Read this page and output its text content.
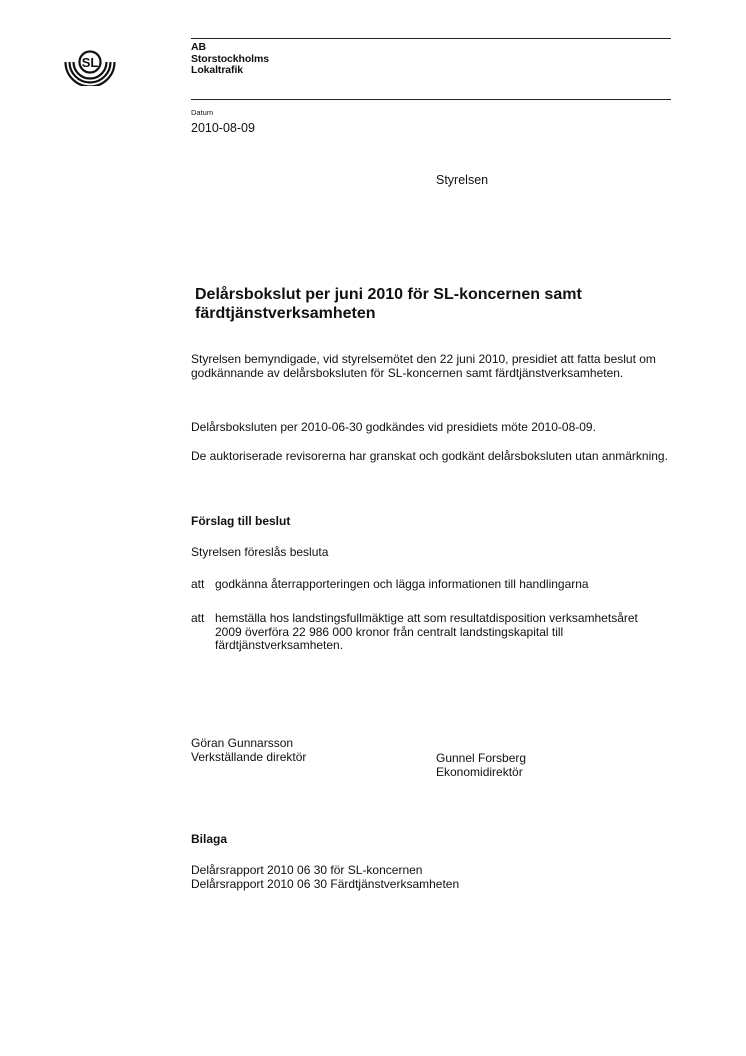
SL
AB
Storstockholms
Lokaltrafik
Datum
2010-08-09
Styrelsen
Delårsbokslut per juni 2010 för SL-koncernen samt
färdtjänstverksamheten
Styrelsen bemyndigade, vid styrelsemötet den 22 juni 2010, presidiet att fatta beslut om godkännande av delårsboksluten för SL-koncernen samt färdtjänstverksamheten.
Delårsboksluten per 2010-06-30 godkändes vid presidiets möte 2010-08-09.
De auktoriserade revisorerna har granskat och godkänt delårsboksluten utan anmärkning.
Förslag till beslut
Styrelsen föreslås besluta
att godkänna återrapporteringen och lägga informationen till handlingarna
att hemställa hos landstingsfullmäktige att som resultatdisposition verksamhetsåret 2009 överföra 22 986 000 kronor från centralt landstingskapital till färdtjänstverksamheten.
Göran Gunnarsson
Verkställande direktör	Gunnel Forsberg
Ekonomidirektör
Bilaga
Delårsrapport 2010 06 30 för SL-koncernen
Delårsrapport 2010 06 30 Färdtjänstverksamheten
